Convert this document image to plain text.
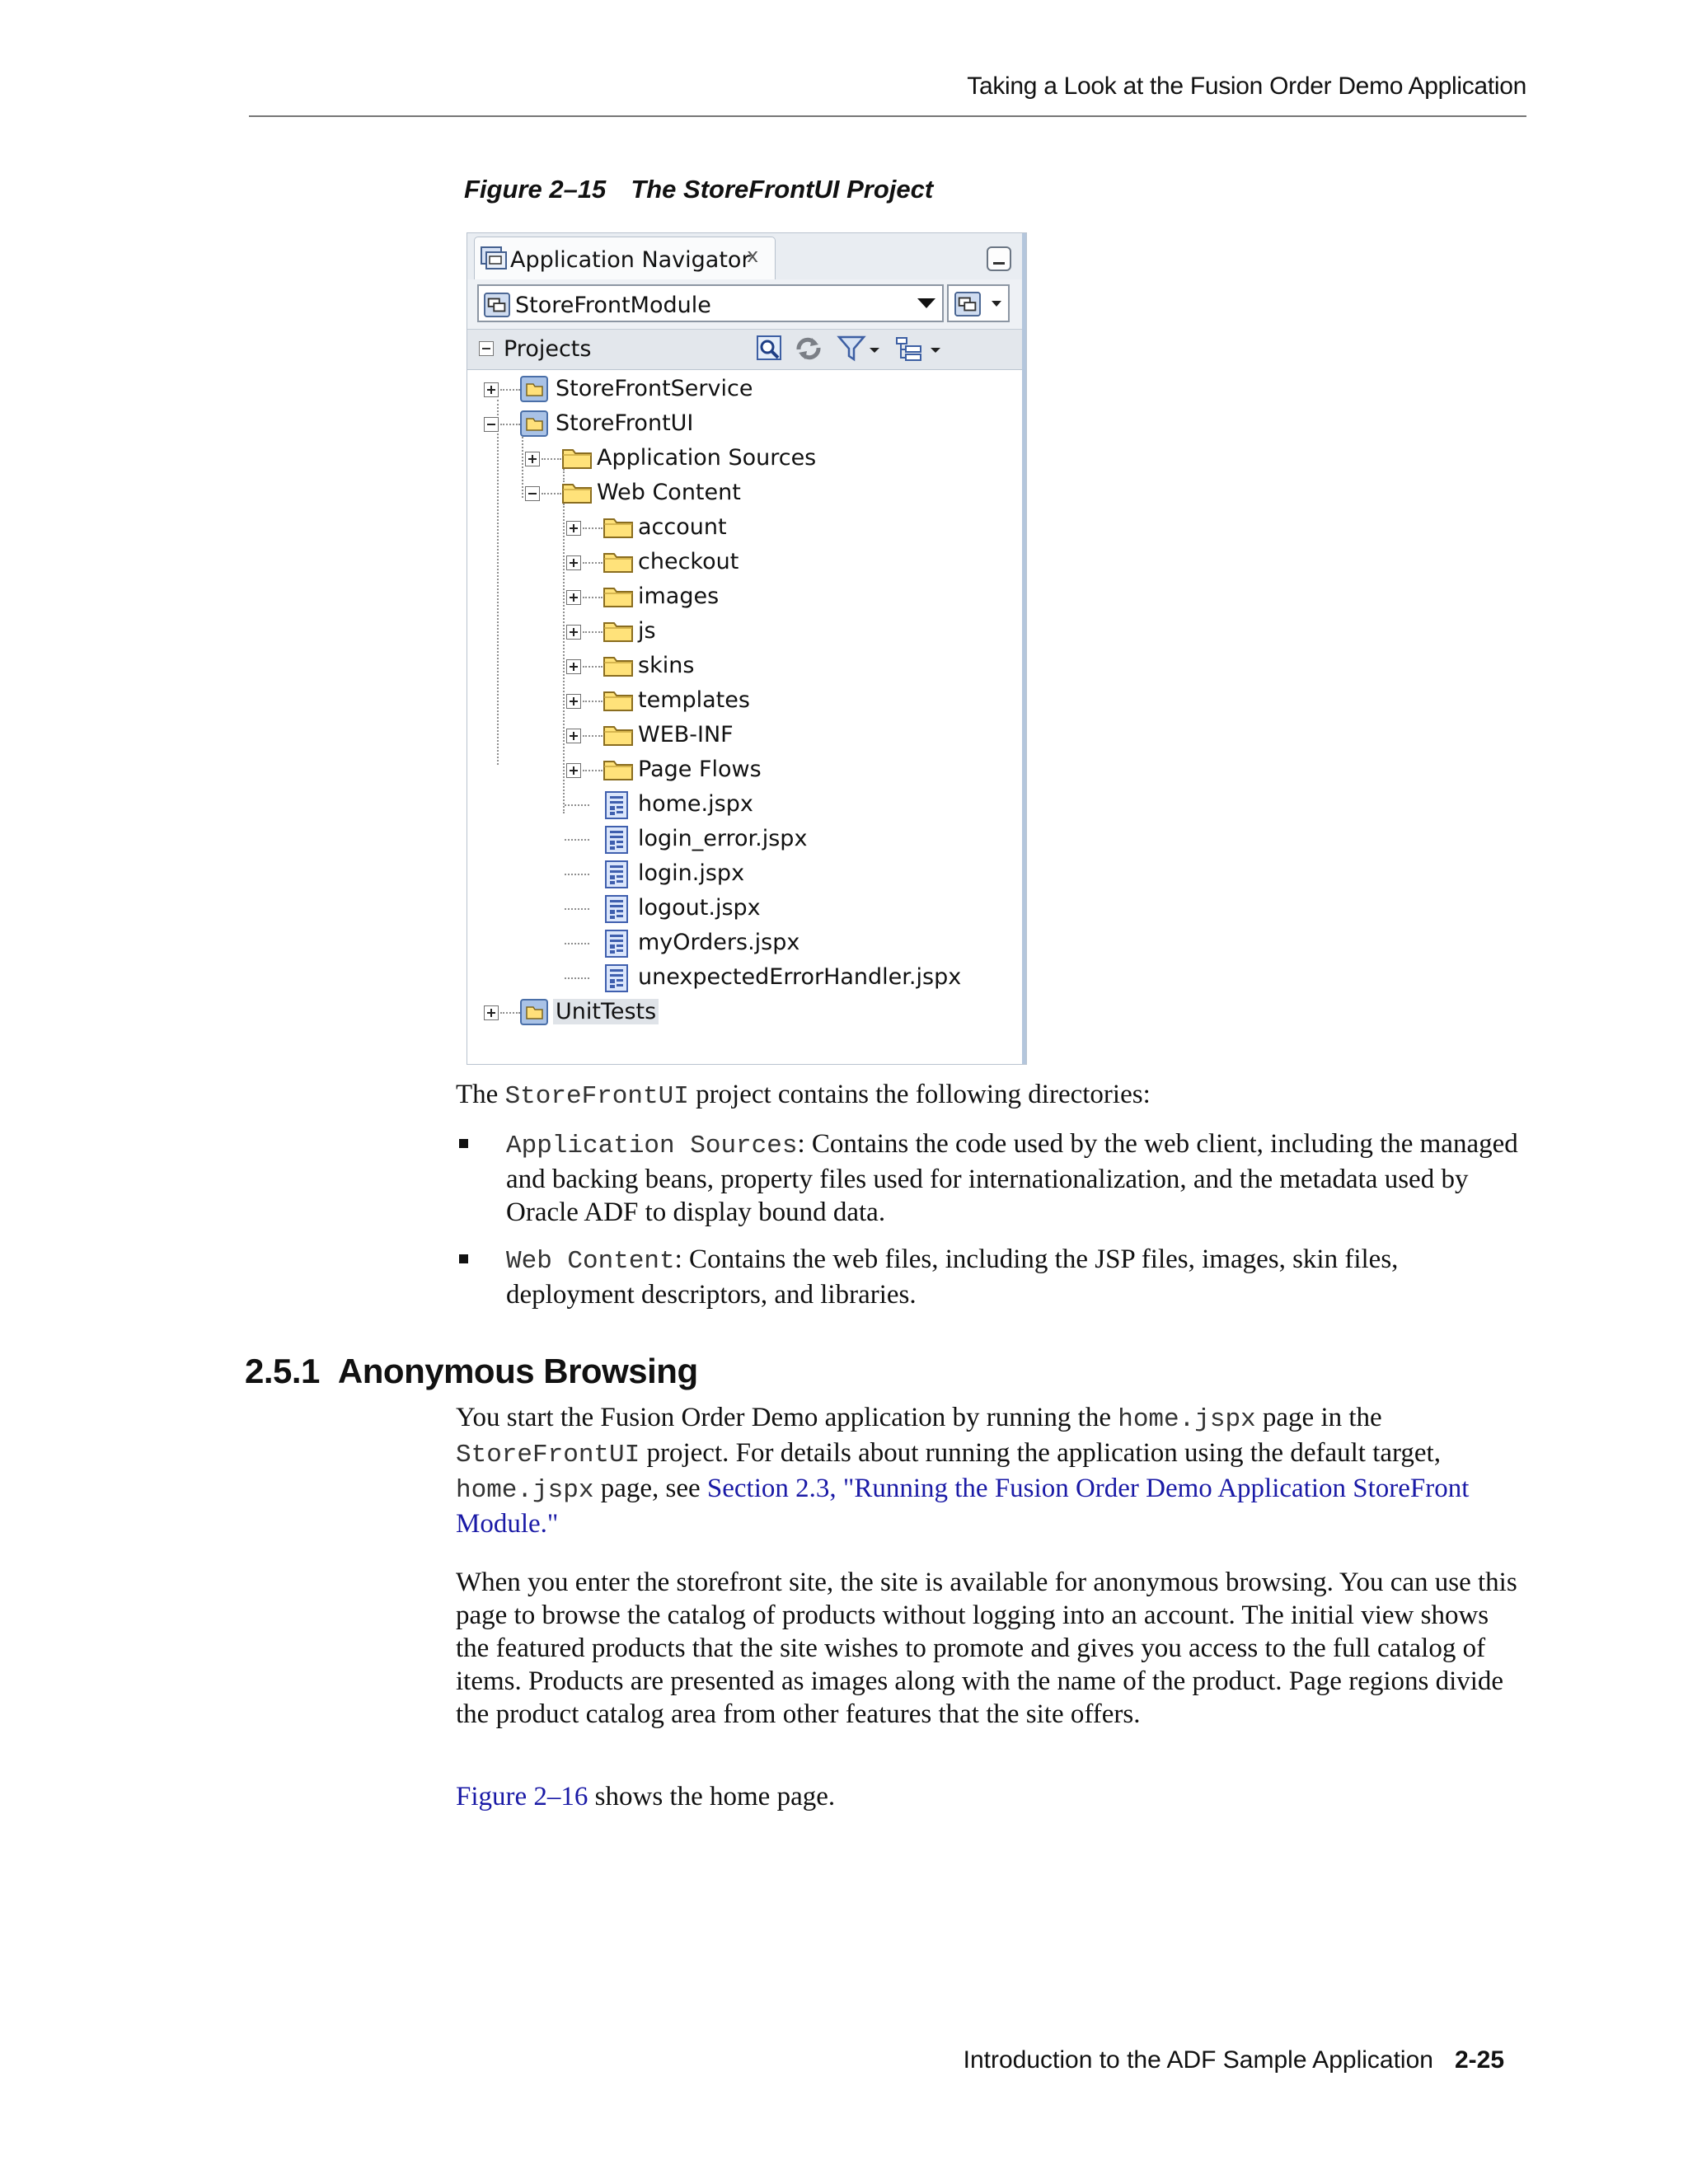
Taking a Look at the Fusion Order Demo Application
Figure 2–15 The StoreFrontUI Project
Application Navigator
x
StoreFrontModule
Projects
StoreFrontService
StoreFrontUI
Application Sources
Web Content
account
checkout
images
js
skins
templates
WEB-INF
Page Flows
home.jspx
login_error.jspx
login.jspx
logout.jspx
myOrders.jspx
unexpectedErrorHandler.jspx
UnitTests
The StoreFrontUI project contains the following directories:
Application Sources: Contains the code used by the web client, including the managed and backing beans, property files used for internationalization, and the metadata used by Oracle ADF to display bound data.
Web Content: Contains the web files, including the JSP files, images, skin files, deployment descriptors, and libraries.
2.5.1 Anonymous Browsing
You start the Fusion Order Demo application by running the home.jspx page in the StoreFrontUI project. For details about running the application using the default target, home.jspx page, see Section 2.3, "Running the Fusion Order Demo Application StoreFront Module."
When you enter the storefront site, the site is available for anonymous browsing. You can use this page to browse the catalog of products without logging into an account. The initial view shows the featured products that the site wishes to promote and gives you access to the full catalog of items. Products are presented as images along with the name of the product. Page regions divide the product catalog area from other features that the site offers.
Figure 2–16 shows the home page.
Introduction to the ADF Sample Application 2-25
